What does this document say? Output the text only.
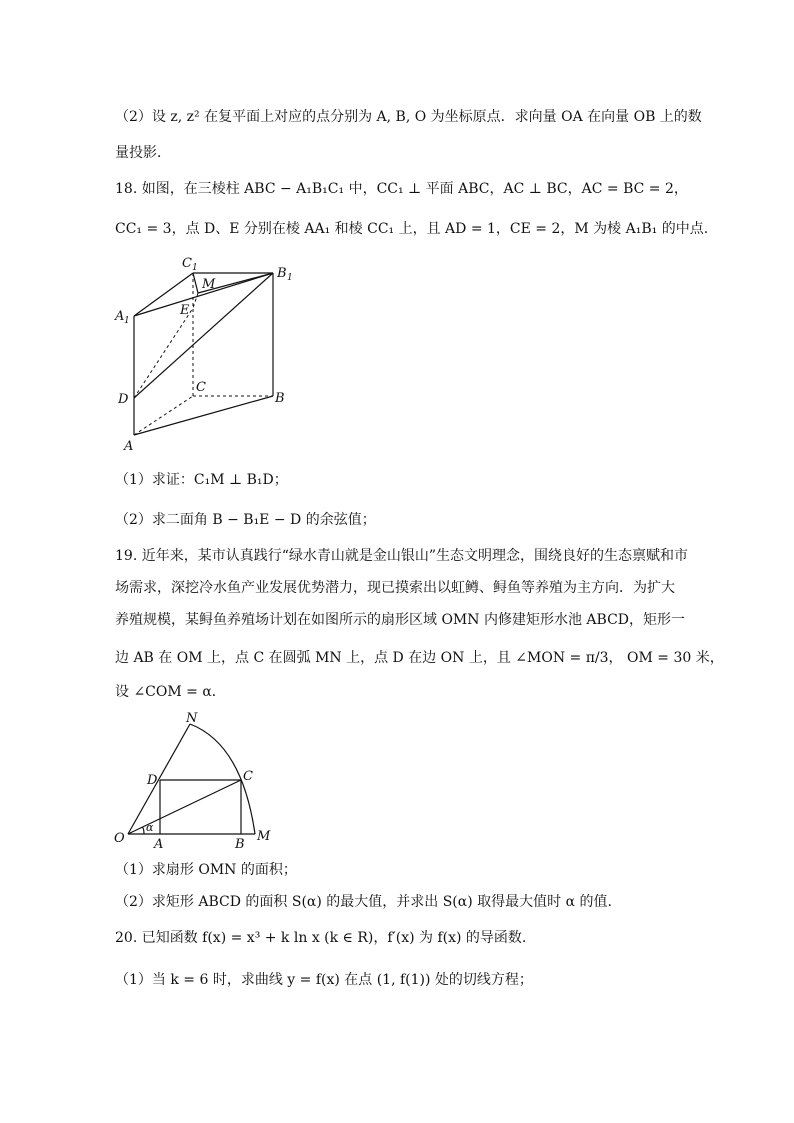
（2）设 z, z² 在复平面上对应的点分别为 A, B, O 为坐标原点．求向量 OA 在向量 OB 上的数
量投影．
18. 如图，在三棱柱 ABC − A₁B₁C₁ 中，CC₁ ⊥ 平面 ABC，AC ⊥ BC，AC = BC = 2，
CC₁ = 3，点 D、E 分别在棱 AA₁ 和棱 CC₁ 上，且 AD = 1，CE = 2，M 为棱 A₁B₁ 的中点.
C 1	B 1
A 1
M
E
C
D	B
A
（1）求证：C₁M ⊥ B₁D；
（2）求二面角 B − B₁E − D 的余弦值；
19. 近年来，某市认真践行“绿水青山就是金山银山”生态文明理念，围绕良好的生态禀赋和市
场需求，深挖冷水鱼产业发展优势潜力，现已摸索出以虹鳟、鲟鱼等养殖为主方向．为扩大
养殖规模，某鲟鱼养殖场计划在如图所示的扇形区域 OMN 内修建矩形水池 ABCD，矩形一
边 AB 在 OM 上，点 C 在圆弧 MN 上，点 D 在边 ON 上，且 ∠MON = π/3， OM = 30 米，
设 ∠COM = α．
N
D	C
O A	B
M
α
（1）求扇形 OMN 的面积；
（2）求矩形 ABCD 的面积 S(α) 的最大值，并求出 S(α) 取得最大值时 α 的值.
20. 已知函数 f(x) = x³ + k ln x (k ∈ R)，f′(x) 为 f(x) 的导函数.
（1）当 k = 6 时，求曲线 y = f(x) 在点 (1, f(1)) 处的切线方程；
